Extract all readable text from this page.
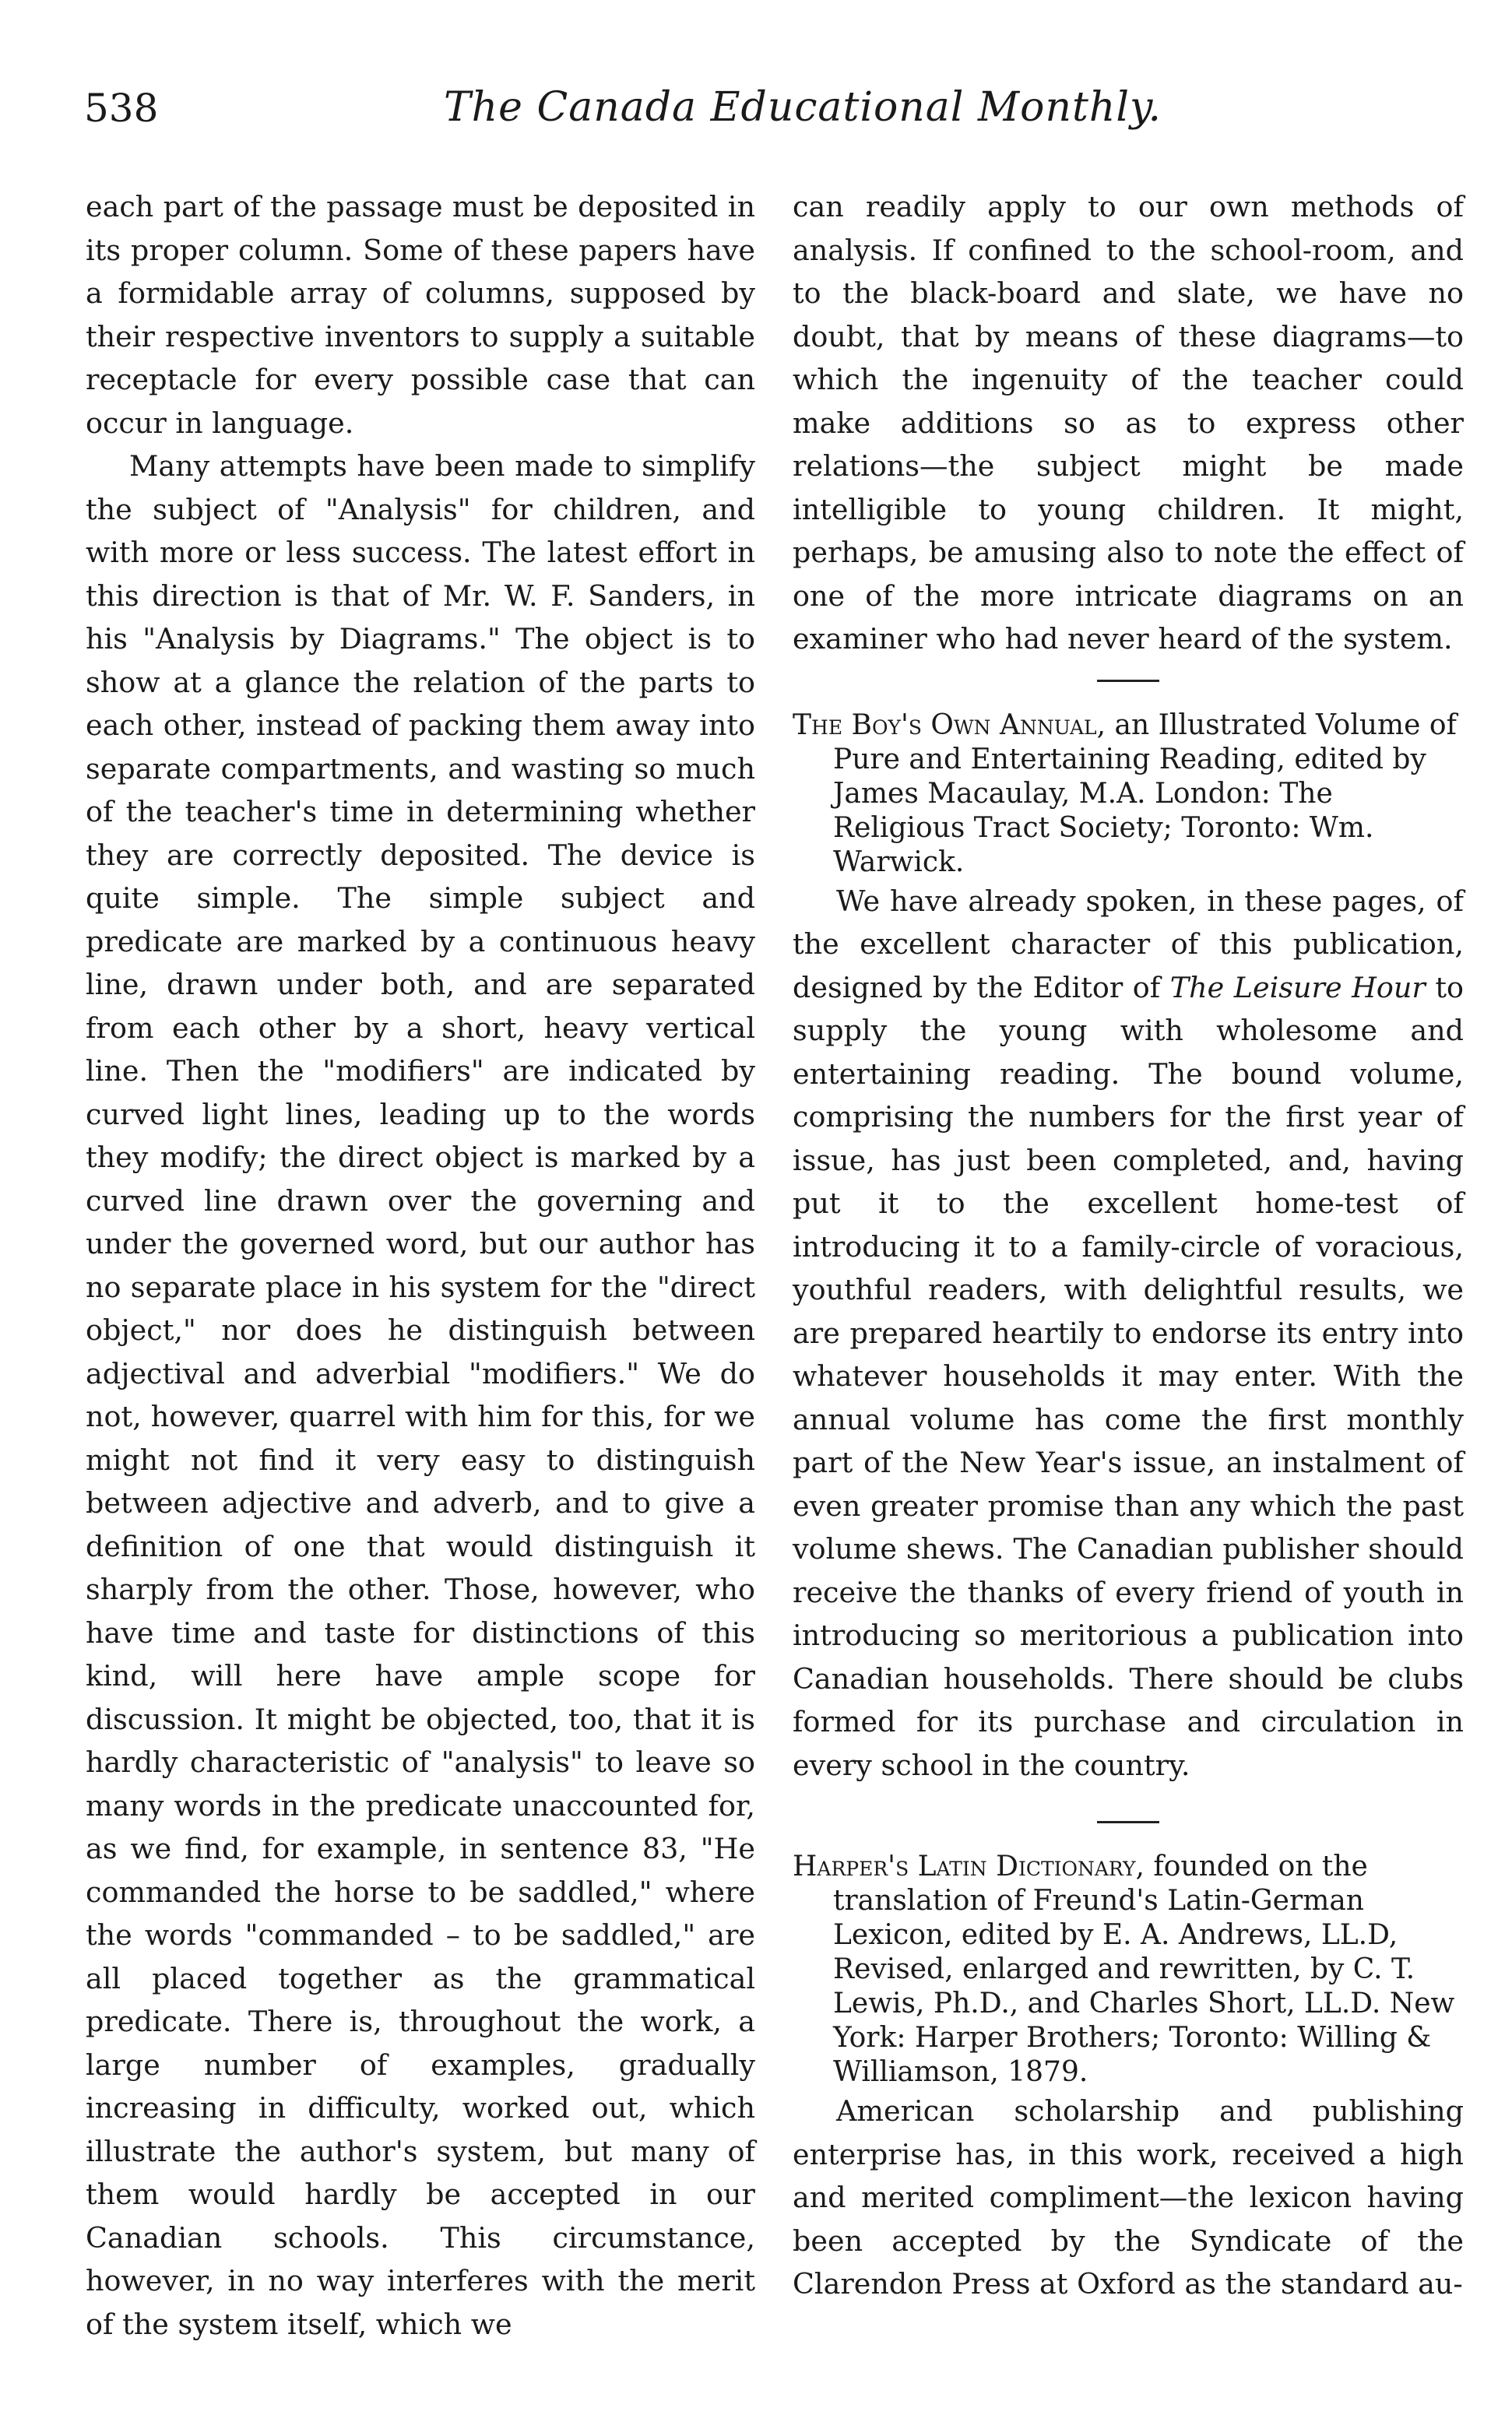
538	The Canada Educational Monthly.

each part of the passage must be deposited in its proper column. Some of these papers have a formidable array of columns, supposed by their respective inventors to supply a suitable receptacle for every possible case that can occur in language.

Many attempts have been made to simplify the subject of "Analysis" for children, and with more or less success. The latest effort in this direction is that of Mr. W. F. Sanders, in his "Analysis by Diagrams." The object is to show at a glance the relation of the parts to each other, instead of packing them away into separate compartments, and wasting so much of the teacher's time in determining whether they are correctly deposited. The device is quite simple. The simple subject and predicate are marked by a continuous heavy line, drawn under both, and are separated from each other by a short, heavy vertical line. Then the "modifiers" are indicated by curved light lines, leading up to the words they modify; the direct object is marked by a curved line drawn over the governing and under the governed word, but our author has no separate place in his system for the "direct object," nor does he distinguish between adjectival and adverbial "modifiers." We do not, however, quarrel with him for this, for we might not find it very easy to distinguish between adjective and adverb, and to give a definition of one that would distinguish it sharply from the other. Those, however, who have time and taste for distinctions of this kind, will here have ample scope for discussion. It might be objected, too, that it is hardly characteristic of "analysis" to leave so many words in the predicate unaccounted for, as we find, for example, in sentence 83, "He commanded the horse to be saddled," where the words "commanded – to be saddled," are all placed together as the grammatical predicate. There is, throughout the work, a large number of examples, gradually increasing in difficulty, worked out, which illustrate the author's system, but many of them would hardly be accepted in our Canadian schools. This circumstance, however, in no way interferes with the merit of the system itself, which we

can readily apply to our own methods of analysis. If confined to the school-room, and to the black-board and slate, we have no doubt, that by means of these diagrams—to which the ingenuity of the teacher could make additions so as to express other relations—the subject might be made intelligible to young children. It might, perhaps, be amusing also to note the effect of one of the more intricate diagrams on an examiner who had never heard of the system.

The Boy's Own Annual, an Illustrated Volume of Pure and Entertaining Reading, edited by James Macaulay, M.A. London: The Religious Tract Society; Toronto: Wm. Warwick.

We have already spoken, in these pages, of the excellent character of this publication, designed by the Editor of The Leisure Hour to supply the young with wholesome and entertaining reading. The bound volume, comprising the numbers for the first year of issue, has just been completed, and, having put it to the excellent home-test of introducing it to a family-circle of voracious, youthful readers, with delightful results, we are prepared heartily to endorse its entry into whatever households it may enter. With the annual volume has come the first monthly part of the New Year's issue, an instalment of even greater promise than any which the past volume shews. The Canadian publisher should receive the thanks of every friend of youth in introducing so meritorious a publication into Canadian households. There should be clubs formed for its purchase and circulation in every school in the country.

Harper's Latin Dictionary, founded on the translation of Freund's Latin-German Lexicon, edited by E. A. Andrews, LL.D, Revised, enlarged and rewritten, by C. T. Lewis, Ph.D., and Charles Short, LL.D. New York: Harper Brothers; Toronto: Willing & Williamson, 1879.

American scholarship and publishing enterprise has, in this work, received a high and merited compliment—the lexicon having been accepted by the Syndicate of the Clarendon Press at Oxford as the standard au-
